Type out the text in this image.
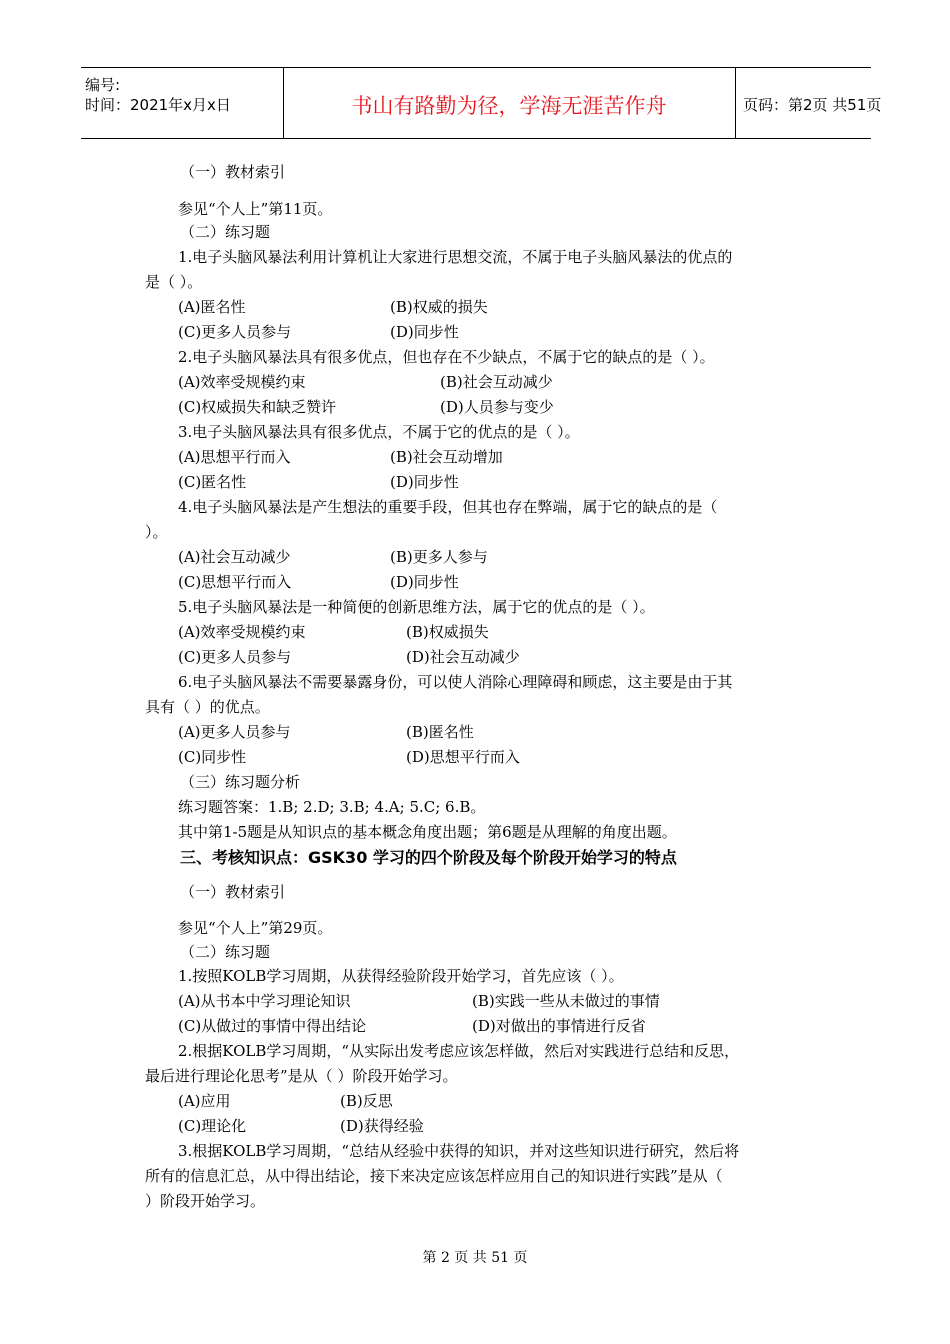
编号:
时间：2021年x月x日	书山有路勤为径，学海无涯苦作舟	页码：第2页 共51页
（一）教材索引
参见“个人上”第11页。
（二）练习题
1.电子头脑风暴法利用计算机让大家进行思想交流，不属于电子头脑风暴法的优点的
是（ ）。
(A)匿名性	(B)权威的损失
(C)更多人员参与	(D)同步性
2.电子头脑风暴法具有很多优点，但也存在不少缺点，不属于它的缺点的是（ ）。
(A)效率受规模约束	(B)社会互动减少
(C)权威损失和缺乏赞许	(D)人员参与变少
3.电子头脑风暴法具有很多优点，不属于它的优点的是（ ）。
(A)思想平行而入	(B)社会互动增加
(C)匿名性	(D)同步性
4.电子头脑风暴法是产生想法的重要手段，但其也存在弊端，属于它的缺点的是（
）。
(A)社会互动减少	(B)更多人参与
(C)思想平行而入	(D)同步性
5.电子头脑风暴法是一种简便的创新思维方法，属于它的优点的是（ ）。
(A)效率受规模约束	(B)权威损失
(C)更多人员参与	(D)社会互动减少
6.电子头脑风暴法不需要暴露身份，可以使人消除心理障碍和顾虑，这主要是由于其
具有（ ）的优点。
(A)更多人员参与	(B)匿名性
(C)同步性	(D)思想平行而入
（三）练习题分析
练习题答案：1.B; 2.D; 3.B; 4.A; 5.C; 6.B。
其中第1-5题是从知识点的基本概念角度出题；第6题是从理解的角度出题。
三、考核知识点：GSK30 学习的四个阶段及每个阶段开始学习的特点
（一）教材索引
参见“个人上”第29页。
（二）练习题
1.按照KOLB学习周期，从获得经验阶段开始学习，首先应该（ ）。
(A)从书本中学习理论知识	(B)实践一些从未做过的事情
(C)从做过的事情中得出结论	(D)对做出的事情进行反省
2.根据KOLB学习周期，“从实际出发考虑应该怎样做，然后对实践进行总结和反思，
最后进行理论化思考”是从（ ）阶段开始学习。
(A)应用	(B)反思
(C)理论化	(D)获得经验
3.根据KOLB学习周期，“总结从经验中获得的知识，并对这些知识进行研究，然后将
所有的信息汇总，从中得出结论，接下来决定应该怎样应用自己的知识进行实践”是从（
）阶段开始学习。
第 2 页 共 51 页
